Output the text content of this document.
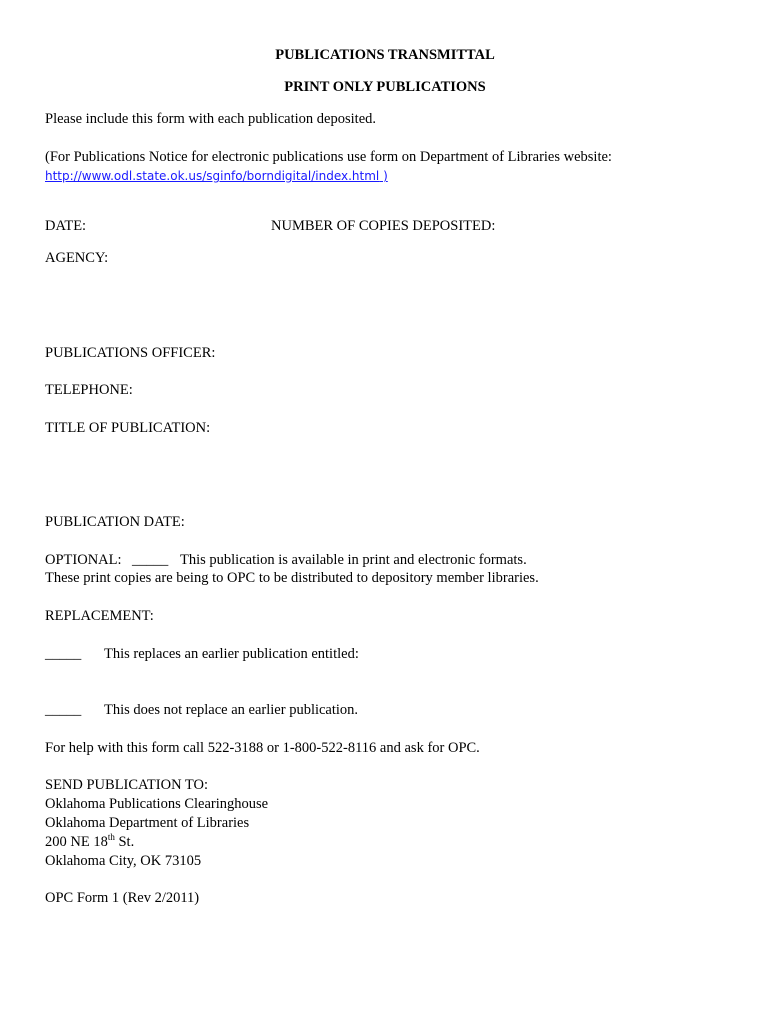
PUBLICATIONS TRANSMITTAL
PRINT ONLY PUBLICATIONS
Please include this form with each publication deposited.
(For Publications Notice for electronic publications use form on Department of Libraries website:
http://www.odl.state.ok.us/sginfo/borndigital/index.html )
DATE:	NUMBER OF COPIES DEPOSITED:
AGENCY:
PUBLICATIONS OFFICER:
TELEPHONE:
TITLE OF PUBLICATION:
PUBLICATION DATE:
OPTIONAL: _____ This publication is available in print and electronic formats.
These print copies are being to OPC to be distributed to depository member libraries.
REPLACEMENT:
_____ This replaces an earlier publication entitled:
_____ This does not replace an earlier publication.
For help with this form call 522-3188 or 1-800-522-8116 and ask for OPC.
SEND PUBLICATION TO:
Oklahoma Publications Clearinghouse
Oklahoma Department of Libraries
200 NE 18th St.
Oklahoma City, OK 73105
OPC Form 1 (Rev 2/2011)
